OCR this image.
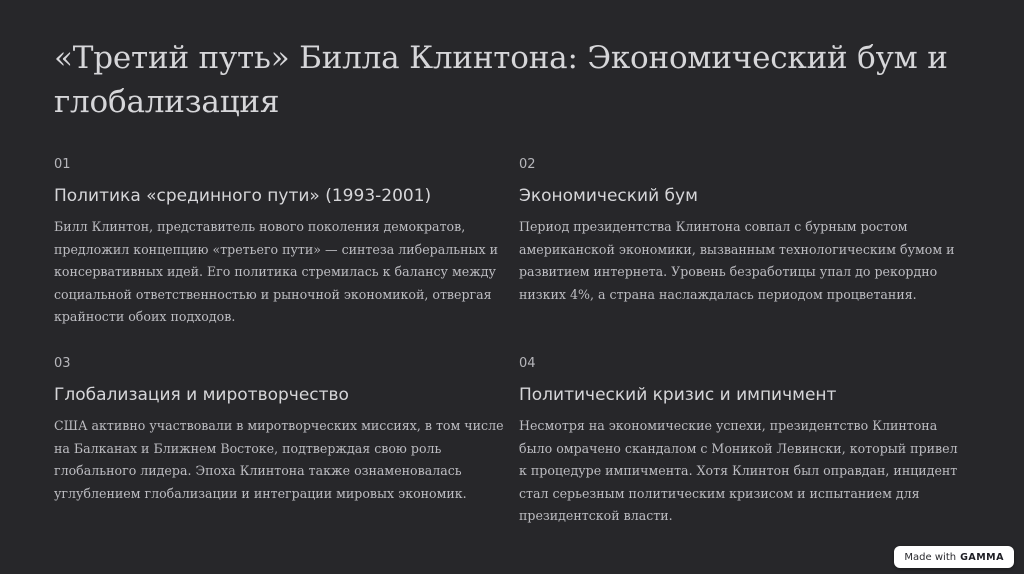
«Третий путь» Билла Клинтона: Экономический бум и глобализация
01
Политика «срединного пути» (1993-2001)
Билл Клинтон, представитель нового поколения демократов, предложил концепцию «третьего пути» — синтеза либеральных и консервативных идей. Его политика стремилась к балансу между социальной ответственностью и рыночной экономикой, отвергая крайности обоих подходов.
02
Экономический бум
Период президентства Клинтона совпал с бурным ростом американской экономики, вызванным технологическим бумом и развитием интернета. Уровень безработицы упал до рекордно низких 4%, а страна наслаждалась периодом процветания.
03
Глобализация и миротворчество
США активно участвовали в миротворческих миссиях, в том числе на Балканах и Ближнем Востоке, подтверждая свою роль глобального лидера. Эпоха Клинтона также ознаменовалась углублением глобализации и интеграции мировых экономик.
04
Политический кризис и импичмент
Несмотря на экономические успехи, президентство Клинтона было омрачено скандалом с Моникой Левински, который привел к процедуре импичмента. Хотя Клинтон был оправдан, инцидент стал серьезным политическим кризисом и испытанием для президентской власти.
Made with GAMMA
